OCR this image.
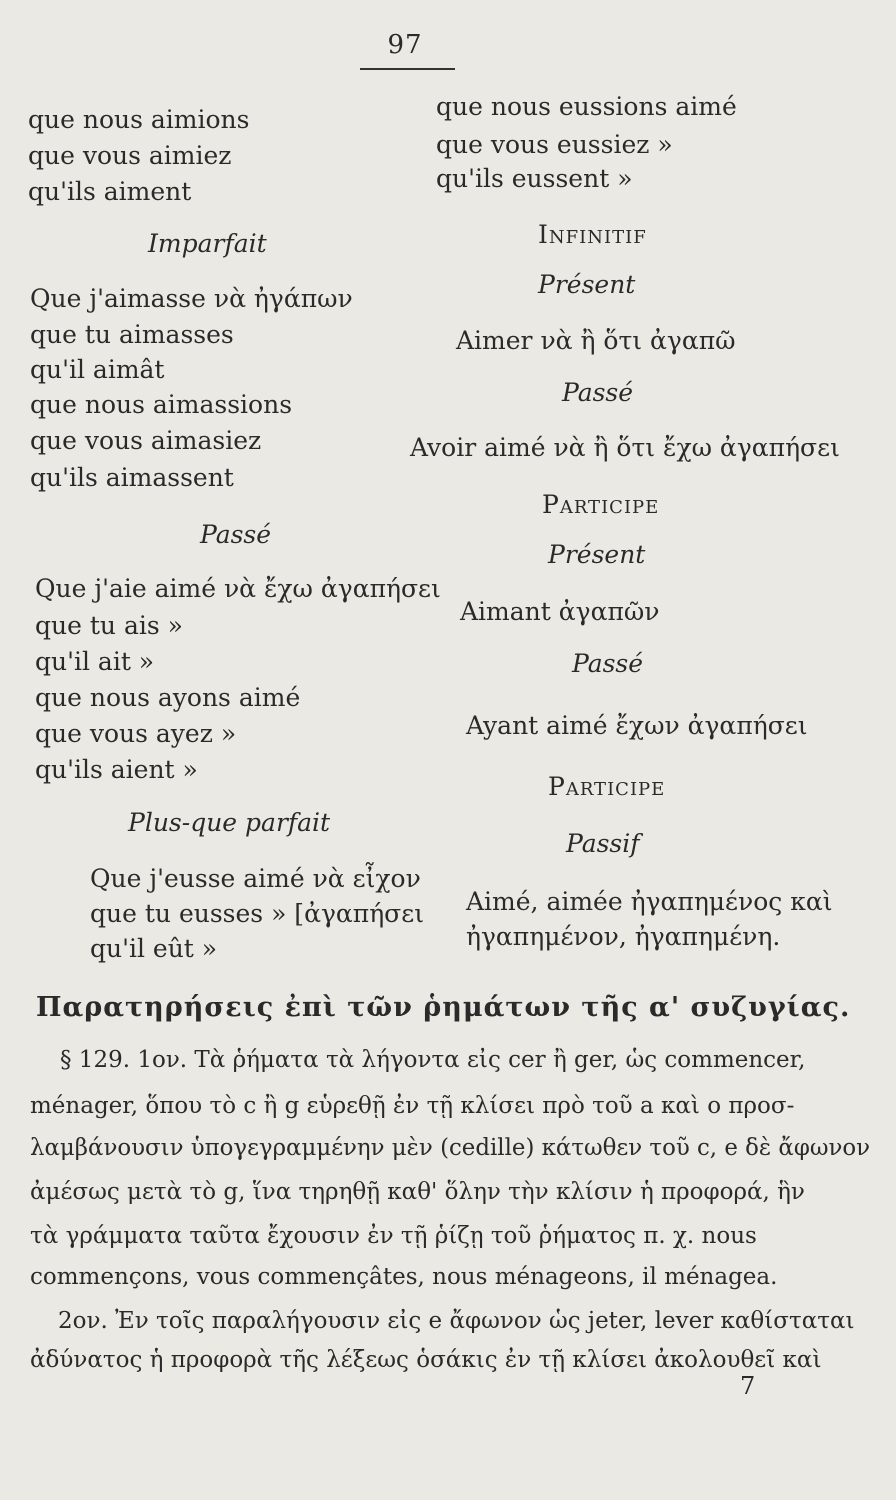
97
que nous aimions
que vous aimiez
qu'ils aiment
Imparfait
Que j'aimasse νὰ ἠγάπων
que tu aimasses
qu'il aimât
que nous aimassions
que vous aimasiez
qu'ils aimassent
Passé
Que j'aie aimé νὰ ἔχω ἀγαπήσει
que tu ais »
qu'il ait »
que nous ayons aimé
que vous ayez »
qu'ils aient »
Plus-que parfait
Que j'eusse aimé νὰ εἶχον
que tu eusses » [ἀγαπήσει
qu'il eût »
que nous eussions aimé
que vous eussiez »
qu'ils eussent »
Infinitif
Présent
Aimer νὰ ἢ ὅτι ἀγαπῶ
Passé
Avoir aimé νὰ ἢ ὅτι ἔχω ἀγαπήσει
Participe
Présent
Aimant ἀγαπῶν
Passé
Ayant aimé ἔχων ἀγαπήσει
Participe
Passif
Aimé, aimée ἠγαπημένος καὶ
ἠγαπημένον, ἠγαπημένη.
Παρατηρήσεις ἐπὶ τῶν ῥημάτων τῆς α' συζυγίας.
§ 129. 1ον. Τὰ ῥήματα τὰ λήγοντα εἰς cer ἢ ger, ὡς commencer,
ménager, ὅπου τὸ c ἢ g εὑρεθῇ ἐν τῇ κλίσει πρὸ τοῦ a καὶ o προσ-
λαμβάνουσιν ὑπογεγραμμένην μὲν (cedille) κάτωθεν τοῦ c, e δὲ ἄφωνον
ἀμέσως μετὰ τὸ g, ἵνα τηρηθῇ καθ' ὅλην τὴν κλίσιν ἡ προφορά, ἣν
τὰ γράμματα ταῦτα ἔχουσιν ἐν τῇ ῥίζῃ τοῦ ῥήματος π. χ. nous
commençons, vous commençâtes, nous ménageons, il ménagea.
2ον. Ἐν τοῖς παραλήγουσιν εἰς e ἄφωνον ὡς jeter, lever καθίσταται
ἀδύνατος ἡ προφορὰ τῆς λέξεως ὁσάκις ἐν τῇ κλίσει ἀκολουθεῖ καὶ
7
